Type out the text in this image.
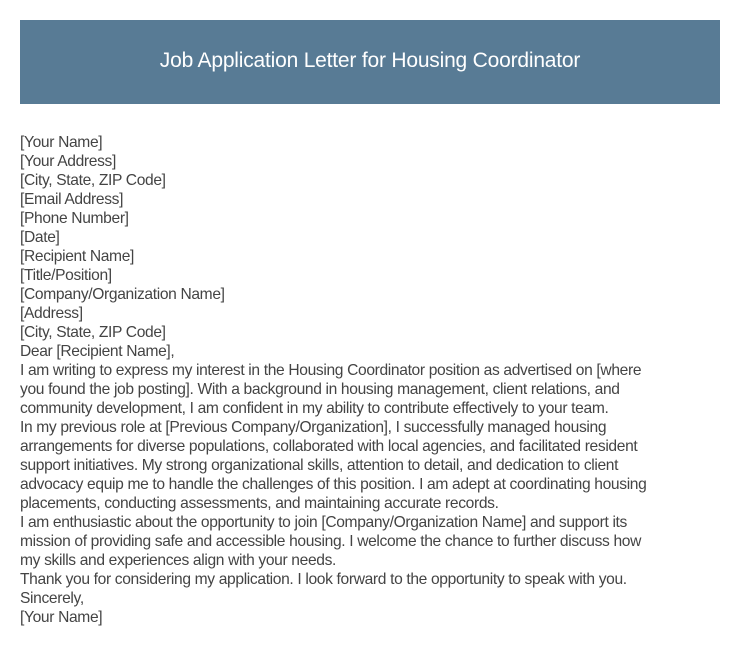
Job Application Letter for Housing Coordinator
[Your Name]
[Your Address]
[City, State, ZIP Code]
[Email Address]
[Phone Number]
[Date]
[Recipient Name]
[Title/Position]
[Company/Organization Name]
[Address]
[City, State, ZIP Code]
Dear [Recipient Name],
I am writing to express my interest in the Housing Coordinator position as advertised on [where
you found the job posting]. With a background in housing management, client relations, and
community development, I am confident in my ability to contribute effectively to your team.
In my previous role at [Previous Company/Organization], I successfully managed housing
arrangements for diverse populations, collaborated with local agencies, and facilitated resident
support initiatives. My strong organizational skills, attention to detail, and dedication to client
advocacy equip me to handle the challenges of this position. I am adept at coordinating housing
placements, conducting assessments, and maintaining accurate records.
I am enthusiastic about the opportunity to join [Company/Organization Name] and support its
mission of providing safe and accessible housing. I welcome the chance to further discuss how
my skills and experiences align with your needs.
Thank you for considering my application. I look forward to the opportunity to speak with you.
Sincerely,
[Your Name]
